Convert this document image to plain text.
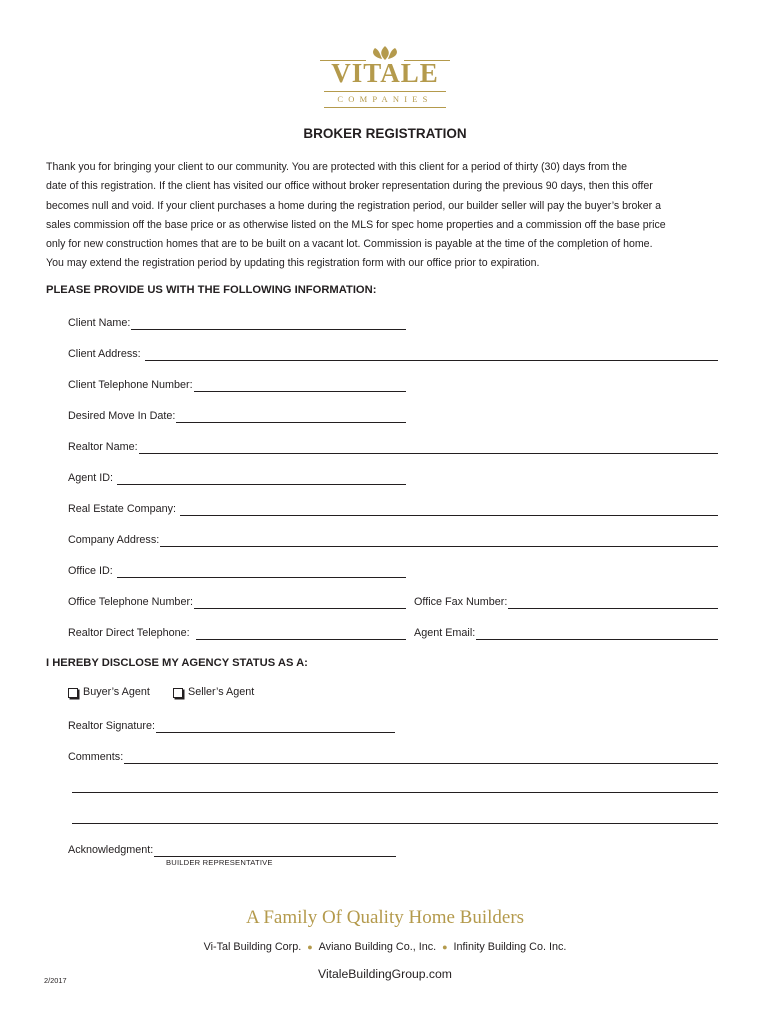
VITALE
COMPANIES
BROKER REGISTRATION
Thank you for bringing your client to our community. You are protected with this client for a period of thirty (30) days from the
date of this registration. If the client has visited our office without broker representation during the previous 90 days, then this offer
becomes null and void. If your client purchases a home during the registration period, our builder seller will pay the buyer’s broker a
sales commission off the base price or as otherwise listed on the MLS for spec home properties and a commission off the base price
only for new construction homes that are to be built on a vacant lot. Commission is payable at the time of the completion of home.
You may extend the registration period by updating this registration form with our office prior to expiration.
PLEASE PROVIDE US WITH THE FOLLOWING INFORMATION:
Client Name:
Client Address:
Client Telephone Number:
Desired Move In Date:
Realtor Name:
Agent ID:
Real Estate Company:
Company Address:
Office ID:
Office Telephone Number:	Office Fax Number:
Realtor Direct Telephone:	Agent Email:
I HEREBY DISCLOSE MY AGENCY STATUS AS A:
Buyer’s Agent	Seller’s Agent
Realtor Signature:
Comments:
Acknowledgment:
BUILDER REPRESENTATIVE
A Family Of Quality Home Builders
Vi-Tal Building Corp. ● Aviano Building Co., Inc. ● Infinity Building Co. Inc.
VitaleBuildingGroup.com
2/2017
